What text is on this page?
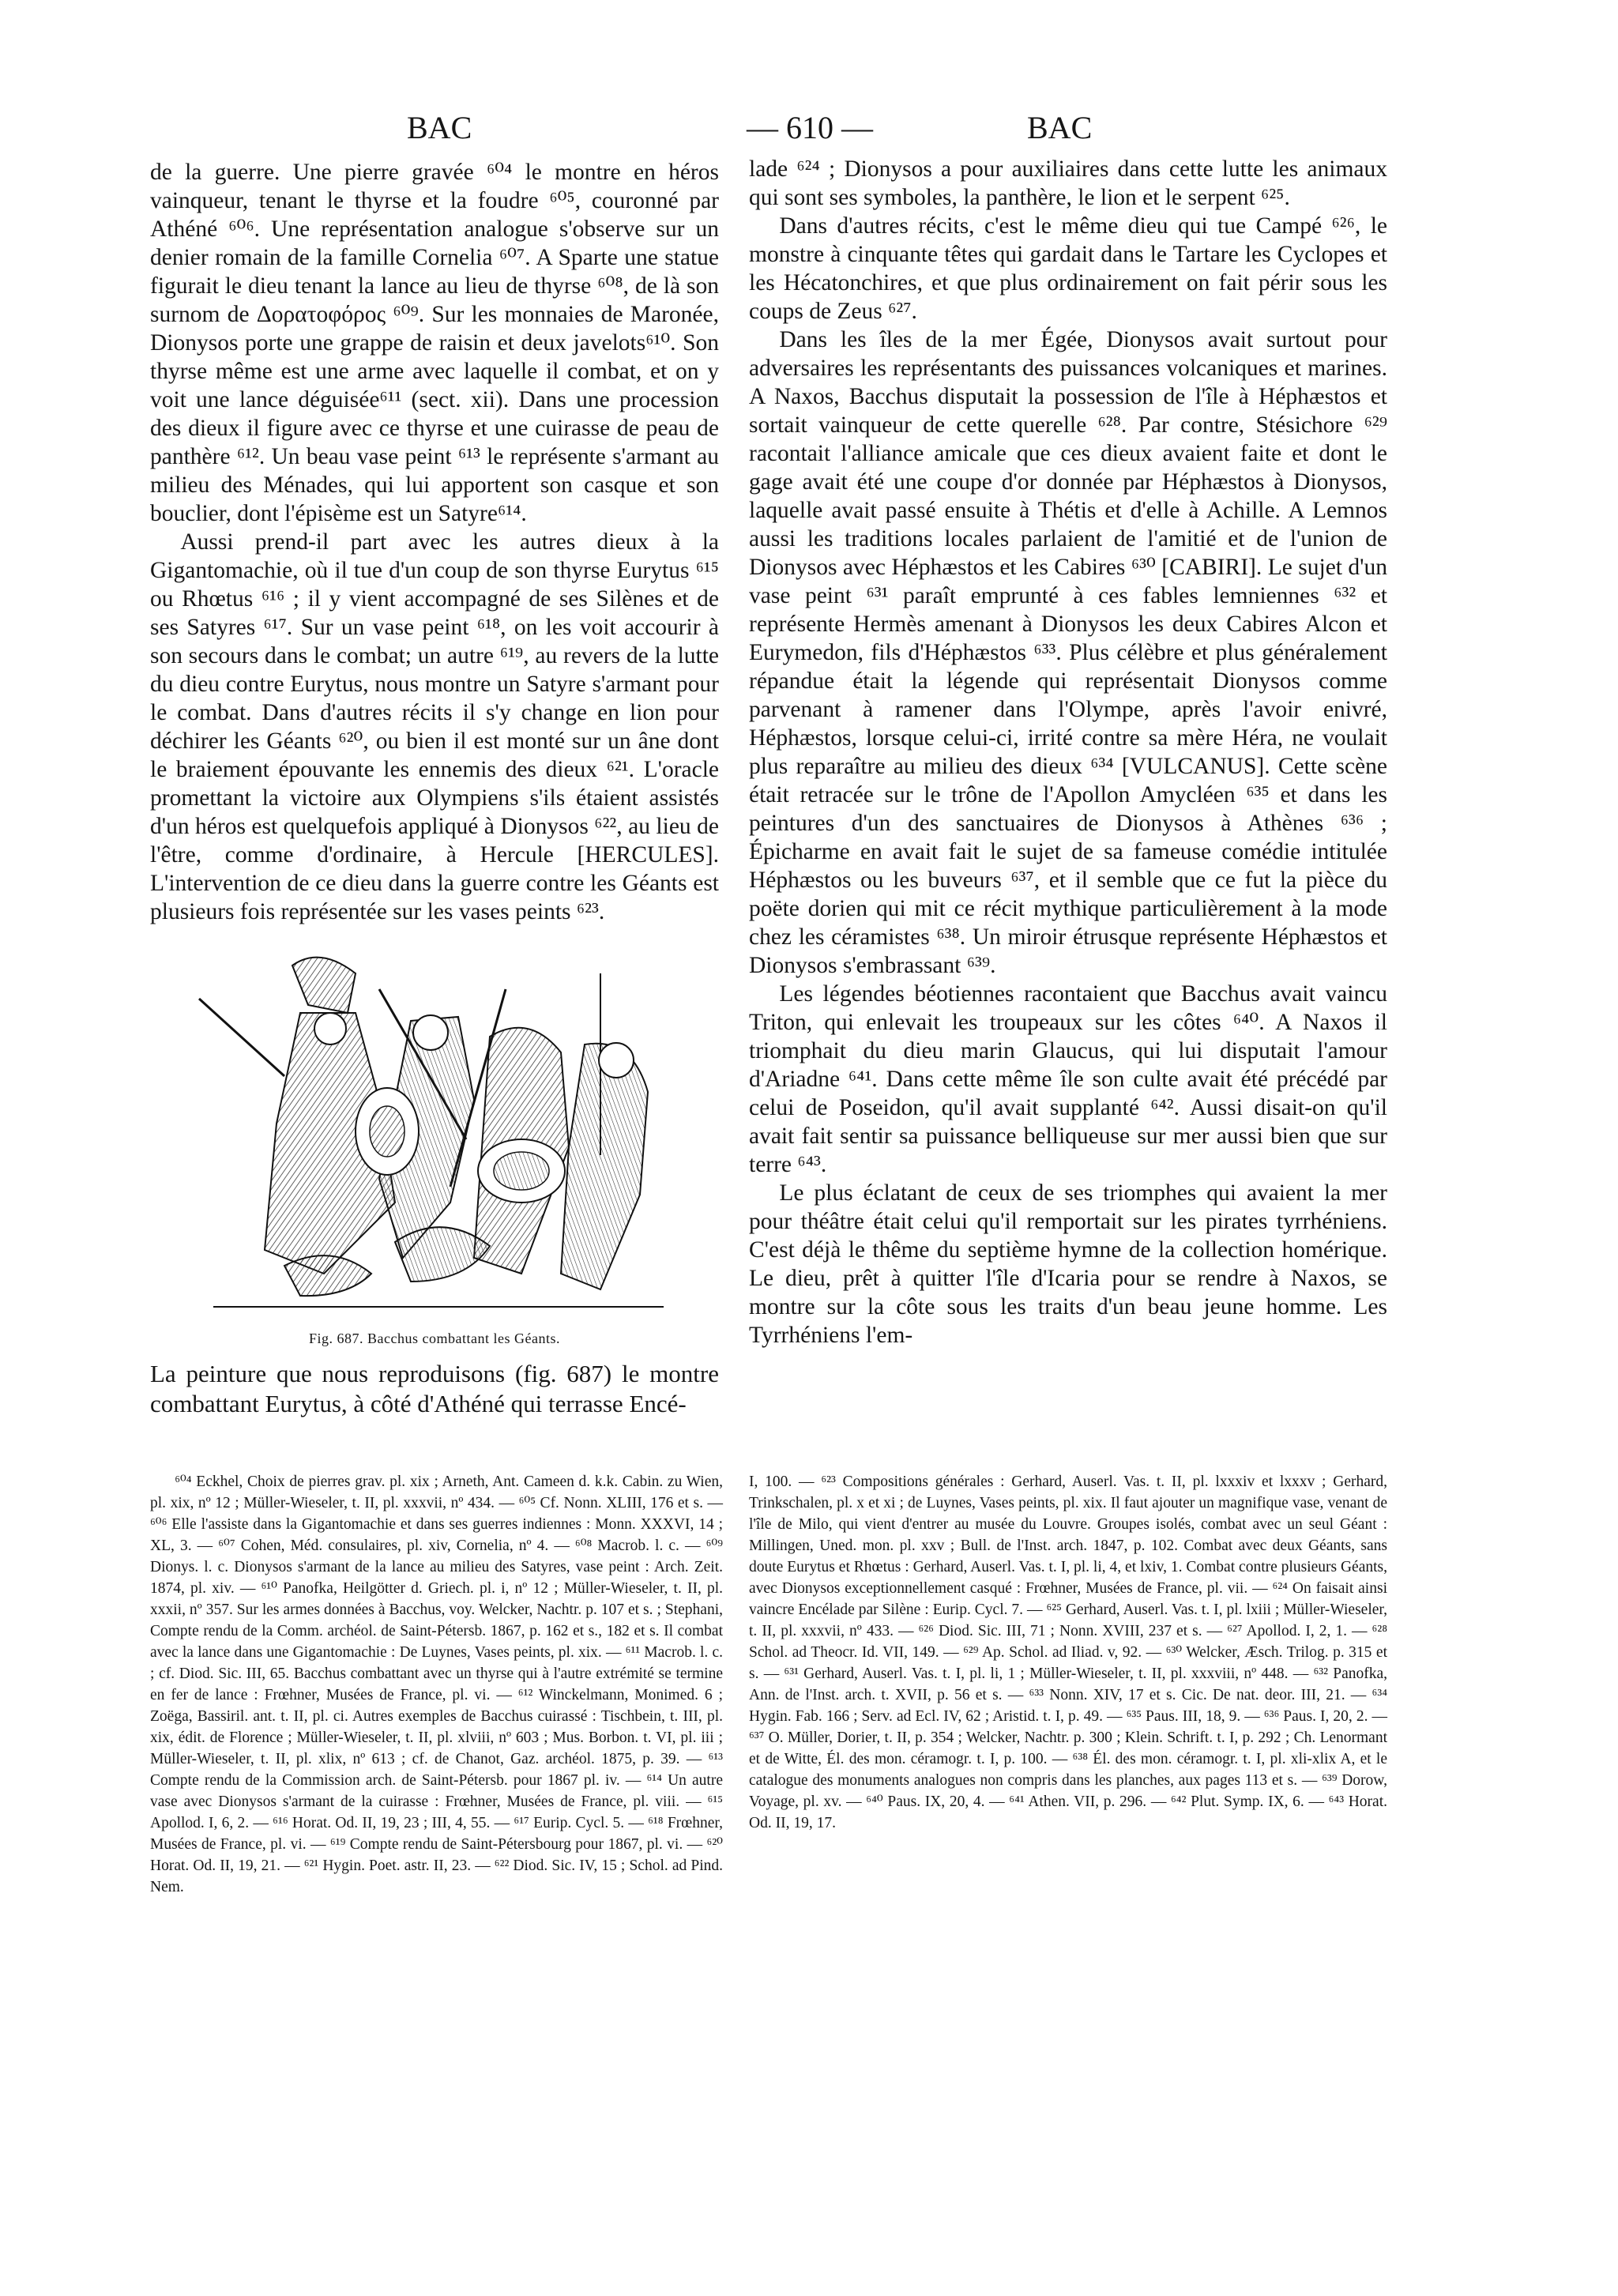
BAC	— 610 —	BAC

de la guerre. Une pierre gravée ⁶⁰⁴ le montre en héros vainqueur, tenant le thyrse et la foudre ⁶⁰⁵, couronné par Athéné ⁶⁰⁶. Une représentation analogue s'observe sur un denier romain de la famille Cornelia ⁶⁰⁷. A Sparte une statue figurait le dieu tenant la lance au lieu de thyrse ⁶⁰⁸, de là son surnom de Δορατοφόρος ⁶⁰⁹. Sur les monnaies de Maronée, Dionysos porte une grappe de raisin et deux javelots⁶¹⁰. Son thyrse même est une arme avec laquelle il combat, et on y voit une lance déguisée⁶¹¹ (sect. xii). Dans une procession des dieux il figure avec ce thyrse et une cuirasse de peau de panthère ⁶¹². Un beau vase peint ⁶¹³ le représente s'armant au milieu des Ménades, qui lui apportent son casque et son bouclier, dont l'épisème est un Satyre⁶¹⁴.

Aussi prend-il part avec les autres dieux à la Gigantomachie, où il tue d'un coup de son thyrse Eurytus ⁶¹⁵ ou Rhœtus ⁶¹⁶ ; il y vient accompagné de ses Silènes et de ses Satyres ⁶¹⁷. Sur un vase peint ⁶¹⁸, on les voit accourir à son secours dans le combat; un autre ⁶¹⁹, au revers de la lutte du dieu contre Eurytus, nous montre un Satyre s'armant pour le combat. Dans d'autres récits il s'y change en lion pour déchirer les Géants ⁶²⁰, ou bien il est monté sur un âne dont le braiement épouvante les ennemis des dieux ⁶²¹. L'oracle promettant la victoire aux Olympiens s'ils étaient assistés d'un héros est quelquefois appliqué à Dionysos ⁶²², au lieu de l'être, comme d'ordinaire, à Hercule [HERCULES]. L'intervention de ce dieu dans la guerre contre les Géants est plusieurs fois représentée sur les vases peints ⁶²³.

Fig. 687. Bacchus combattant les Géants.
La peinture que nous reproduisons (fig. 687) le montre combattant Eurytus, à côté d'Athéné qui terrasse Encé-

lade ⁶²⁴ ; Dionysos a pour auxiliaires dans cette lutte les animaux qui sont ses symboles, la panthère, le lion et le serpent ⁶²⁵.

Dans d'autres récits, c'est le même dieu qui tue Campé ⁶²⁶, le monstre à cinquante têtes qui gardait dans le Tartare les Cyclopes et les Hécatonchires, et que plus ordinairement on fait périr sous les coups de Zeus ⁶²⁷.

Dans les îles de la mer Égée, Dionysos avait surtout pour adversaires les représentants des puissances volcaniques et marines. A Naxos, Bacchus disputait la possession de l'île à Héphæstos et sortait vainqueur de cette querelle ⁶²⁸. Par contre, Stésichore ⁶²⁹ racontait l'alliance amicale que ces dieux avaient faite et dont le gage avait été une coupe d'or donnée par Héphæstos à Dionysos, laquelle avait passé ensuite à Thétis et d'elle à Achille. A Lemnos aussi les traditions locales parlaient de l'amitié et de l'union de Dionysos avec Héphæstos et les Cabires ⁶³⁰ [CABIRI]. Le sujet d'un vase peint ⁶³¹ paraît emprunté à ces fables lemniennes ⁶³² et représente Hermès amenant à Dionysos les deux Cabires Alcon et Eurymedon, fils d'Héphæstos ⁶³³. Plus célèbre et plus généralement répandue était la légende qui représentait Dionysos comme parvenant à ramener dans l'Olympe, après l'avoir enivré, Héphæstos, lorsque celui-ci, irrité contre sa mère Héra, ne voulait plus reparaître au milieu des dieux ⁶³⁴ [VULCANUS]. Cette scène était retracée sur le trône de l'Apollon Amycléen ⁶³⁵ et dans les peintures d'un des sanctuaires de Dionysos à Athènes ⁶³⁶ ; Épicharme en avait fait le sujet de sa fameuse comédie intitulée Héphæstos ou les buveurs ⁶³⁷, et il semble que ce fut la pièce du poëte dorien qui mit ce récit mythique particulièrement à la mode chez les céramistes ⁶³⁸. Un miroir étrusque représente Héphæstos et Dionysos s'embrassant ⁶³⁹.

Les légendes béotiennes racontaient que Bacchus avait vaincu Triton, qui enlevait les troupeaux sur les côtes ⁶⁴⁰. A Naxos il triomphait du dieu marin Glaucus, qui lui disputait l'amour d'Ariadne ⁶⁴¹. Dans cette même île son culte avait été précédé par celui de Poseidon, qu'il avait supplanté ⁶⁴². Aussi disait-on qu'il avait fait sentir sa puissance belliqueuse sur mer aussi bien que sur terre ⁶⁴³.

Le plus éclatant de ceux de ses triomphes qui avaient la mer pour théâtre était celui qu'il remportait sur les pirates tyrrhéniens. C'est déjà le thême du septième hymne de la collection homérique. Le dieu, prêt à quitter l'île d'Icaria pour se rendre à Naxos, se montre sur la côte sous les traits d'un beau jeune homme. Les Tyrrhéniens l'em-

⁶⁰⁴ Eckhel, Choix de pierres grav. pl. xix ; Arneth, Ant. Cameen d. k.k. Cabin. zu Wien, pl. xix, nº 12 ; Müller-Wieseler, t. II, pl. xxxvii, nº 434. — ⁶⁰⁵ Cf. Nonn. XLIII, 176 et s. — ⁶⁰⁶ Elle l'assiste dans la Gigantomachie et dans ses guerres indiennes : Monn. XXXVI, 14 ; XL, 3. — ⁶⁰⁷ Cohen, Méd. consulaires, pl. xiv, Cornelia, nº 4. — ⁶⁰⁸ Macrob. l. c. — ⁶⁰⁹ Dionys. l. c. Dionysos s'armant de la lance au milieu des Satyres, vase peint : Arch. Zeit. 1874, pl. xiv. — ⁶¹⁰ Panofka, Heilgötter d. Griech. pl. i, nº 12 ; Müller-Wieseler, t. II, pl. xxxii, nº 357. Sur les armes données à Bacchus, voy. Welcker, Nachtr. p. 107 et s. ; Stephani, Compte rendu de la Comm. archéol. de Saint-Pétersb. 1867, p. 162 et s., 182 et s. Il combat avec la lance dans une Gigantomachie : De Luynes, Vases peints, pl. xix. — ⁶¹¹ Macrob. l. c. ; cf. Diod. Sic. III, 65. Bacchus combattant avec un thyrse qui à l'autre extrémité se termine en fer de lance : Frœhner, Musées de France, pl. vi. — ⁶¹² Winckelmann, Monimed. 6 ; Zoëga, Bassiril. ant. t. II, pl. ci. Autres exemples de Bacchus cuirassé : Tischbein, t. III, pl. xix, édit. de Florence ; Müller-Wieseler, t. II, pl. xlviii, nº 603 ; Mus. Borbon. t. VI, pl. iii ; Müller-Wieseler, t. II, pl. xlix, nº 613 ; cf. de Chanot, Gaz. archéol. 1875, p. 39. — ⁶¹³ Compte rendu de la Commission arch. de Saint-Pétersb. pour 1867 pl. iv. — ⁶¹⁴ Un autre vase avec Dionysos s'armant de la cuirasse : Frœhner, Musées de France, pl. viii. — ⁶¹⁵ Apollod. I, 6, 2. — ⁶¹⁶ Horat. Od. II, 19, 23 ; III, 4, 55. — ⁶¹⁷ Eurip. Cycl. 5. — ⁶¹⁸ Frœhner, Musées de France, pl. vi. — ⁶¹⁹ Compte rendu de Saint-Pétersbourg pour 1867, pl. vi. — ⁶²⁰ Horat. Od. II, 19, 21. — ⁶²¹ Hygin. Poet. astr. II, 23. — ⁶²² Diod. Sic. IV, 15 ; Schol. ad Pind. Nem.

I, 100. — ⁶²³ Compositions générales : Gerhard, Auserl. Vas. t. II, pl. lxxxiv et lxxxv ; Gerhard, Trinkschalen, pl. x et xi ; de Luynes, Vases peints, pl. xix. Il faut ajouter un magnifique vase, venant de l'île de Milo, qui vient d'entrer au musée du Louvre. Groupes isolés, combat avec un seul Géant : Millingen, Uned. mon. pl. xxv ; Bull. de l'Inst. arch. 1847, p. 102. Combat avec deux Géants, sans doute Eurytus et Rhœtus : Gerhard, Auserl. Vas. t. I, pl. li, 4, et lxiv, 1. Combat contre plusieurs Géants, avec Dionysos exceptionnellement casqué : Frœhner, Musées de France, pl. vii. — ⁶²⁴ On faisait ainsi vaincre Encélade par Silène : Eurip. Cycl. 7. — ⁶²⁵ Gerhard, Auserl. Vas. t. I, pl. lxiii ; Müller-Wieseler, t. II, pl. xxxvii, nº 433. — ⁶²⁶ Diod. Sic. III, 71 ; Nonn. XVIII, 237 et s. — ⁶²⁷ Apollod. I, 2, 1. — ⁶²⁸ Schol. ad Theocr. Id. VII, 149. — ⁶²⁹ Ap. Schol. ad Iliad. v, 92. — ⁶³⁰ Welcker, Æsch. Trilog. p. 315 et s. — ⁶³¹ Gerhard, Auserl. Vas. t. I, pl. li, 1 ; Müller-Wieseler, t. II, pl. xxxviii, nº 448. — ⁶³² Panofka, Ann. de l'Inst. arch. t. XVII, p. 56 et s. — ⁶³³ Nonn. XIV, 17 et s. Cic. De nat. deor. III, 21. — ⁶³⁴ Hygin. Fab. 166 ; Serv. ad Ecl. IV, 62 ; Aristid. t. I, p. 49. — ⁶³⁵ Paus. III, 18, 9. — ⁶³⁶ Paus. I, 20, 2. — ⁶³⁷ O. Müller, Dorier, t. II, p. 354 ; Welcker, Nachtr. p. 300 ; Klein. Schrift. t. I, p. 292 ; Ch. Lenormant et de Witte, Él. des mon. céramogr. t. I, p. 100. — ⁶³⁸ Él. des mon. céramogr. t. I, pl. xli-xlix A, et le catalogue des monuments analogues non compris dans les planches, aux pages 113 et s. — ⁶³⁹ Dorow, Voyage, pl. xv. — ⁶⁴⁰ Paus. IX, 20, 4. — ⁶⁴¹ Athen. VII, p. 296. — ⁶⁴² Plut. Symp. IX, 6. — ⁶⁴³ Horat. Od. II, 19, 17.
